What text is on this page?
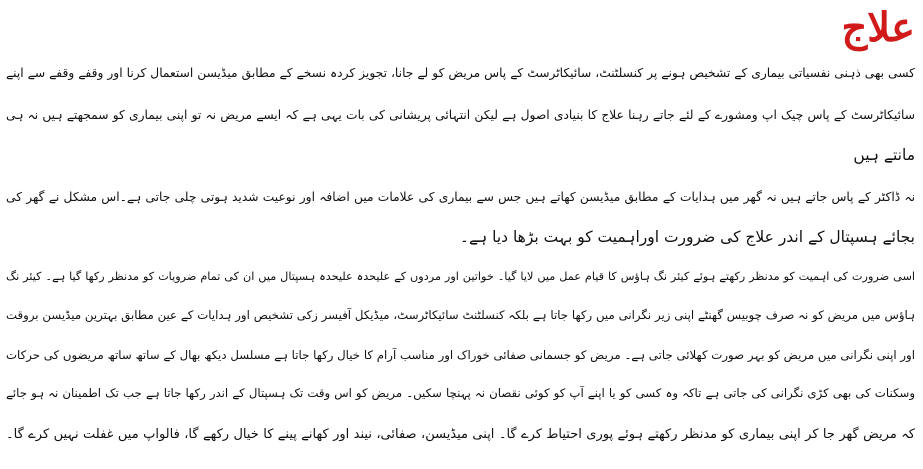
علاج

کسی بھی ذہنی نفسیاتی بیماری کے تشخیص ہونے پر کنسلٹنٹ، سائیکاٹرسٹ کے پاس مریض کو لے جانا، تجویز کردہ نسخے کے مطابق میڈیسن استعمال کرنا اور وقفے وقفے سے اپنے

سائیکاٹرسٹ کے پاس چیک اپ ومشورے کے لئے جاتے رہنا علاج کا بنیادی اصول ہے لیکن انتہائی پریشانی کی بات یہی ہے کہ ایسے مریض نہ تو اپنی بیماری کو سمجھتے ہیں نہ ہی

مانتے ہیں

نہ ڈاکٹر کے پاس جاتے ہیں نہ گھر میں ہدایات کے مطابق میڈیسن کھاتے ہیں جس سے بیماری کی علامات میں اضافہ اور نوعیت شدید ہوتی چلی جاتی ہے۔اس مشکل نے گھر کی

بجائے ہسپتال کے اندر علاج کی ضرورت اوراہمیت کو بہت بڑھا دیا ہے۔

اسی ضرورت کی اہمیت کو مدنظر رکھتے ہوئے کیئر نگ ہاؤس کا قیام عمل میں لایا گیا۔ خواتین اور مردوں کے علیحدہ علیحدہ ہسپتال میں ان کی تمام ضرویات کو مدنظر رکھا گیا ہے۔ کیئر نگ

ہاؤس میں مریض کو نہ صرف چوبیس گھنٹے اپنی زیر نگرانی میں رکھا جاتا ہے بلکہ کنسلٹنٹ سائیکاٹرسٹ، میڈیکل آفیسر زکی تشخیص اور ہدایات کے عین مطابق بہترین میڈیسن بروقت

اور اپنی نگرانی میں مریض کو بہر صورت کھلائی جاتی ہے۔ مریض کو جسمانی صفائی خوراک اور مناسب آرام کا خیال رکھا جاتا ہے مسلسل دیکھ بھال کے ساتھ ساتھ مریضوں کی حرکات

وسکنات کی بھی کڑی نگرانی کی جاتی ہے تاکہ وہ کسی کو یا اپنے آپ کو کوئی نقصان نہ پہنچا سکیں۔ مریض کو اس وقت تک ہسپتال کے اندر رکھا جاتا ہے جب تک اطمینان نہ ہو جائے

کہ مریض گھر جا کر اپنی بیماری کو مدنظر رکھتے ہوئے پوری احتیاط کرے گا۔ اپنی میڈیسن، صفائی، نیند اور کھانے پینے کا خیال رکھے گا، فالواپ میں غفلت نہیں کرے گا۔
